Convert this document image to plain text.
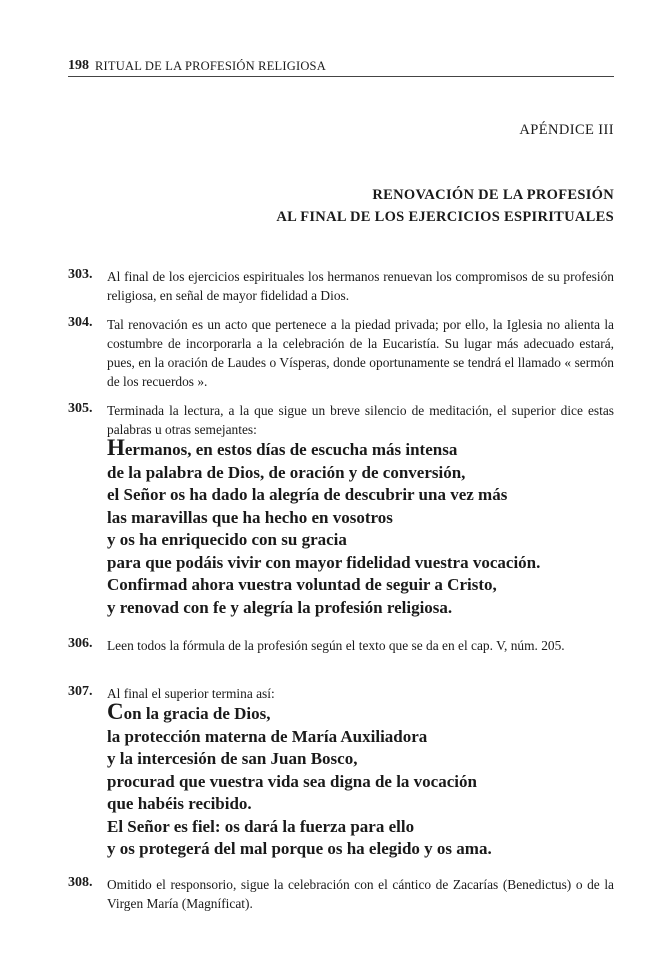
198 RITUAL DE LA PROFESIÓN RELIGIOSA
APÉNDICE III
RENOVACIÓN DE LA PROFESIÓN
AL FINAL DE LOS EJERCICIOS ESPIRITUALES
303. Al final de los ejercicios espirituales los hermanos renuevan los compromisos de su profesión religiosa, en señal de mayor fidelidad a Dios.
304. Tal renovación es un acto que pertenece a la piedad privada; por ello, la Iglesia no alienta la costumbre de incorporarla a la celebración de la Eucaristía. Su lugar más adecuado estará, pues, en la oración de Laudes o Vísperas, donde oportunamente se tendrá el llamado « sermón de los recuerdos ».
305. Terminada la lectura, a la que sigue un breve silencio de meditación, el superior dice estas palabras u otras semejantes:
Hermanos, en estos días de escucha más intensa
de la palabra de Dios, de oración y de conversión,
el Señor os ha dado la alegría de descubrir una vez más
las maravillas que ha hecho en vosotros
y os ha enriquecido con su gracia
para que podáis vivir con mayor fidelidad vuestra vocación.
Confirmad ahora vuestra voluntad de seguir a Cristo,
y renovad con fe y alegría la profesión religiosa.
306. Leen todos la fórmula de la profesión según el texto que se da en el cap. V, núm. 205.
307. Al final el superior termina así:
Con la gracia de Dios,
la protección materna de María Auxiliadora
y la intercesión de san Juan Bosco,
procurad que vuestra vida sea digna de la vocación
que habéis recibido.
El Señor es fiel: os dará la fuerza para ello
y os protegerá del mal porque os ha elegido y os ama.
308. Omitido el responsorio, sigue la celebración con el cántico de Zacarías (Benedictus) o de la Virgen María (Magníficat).
